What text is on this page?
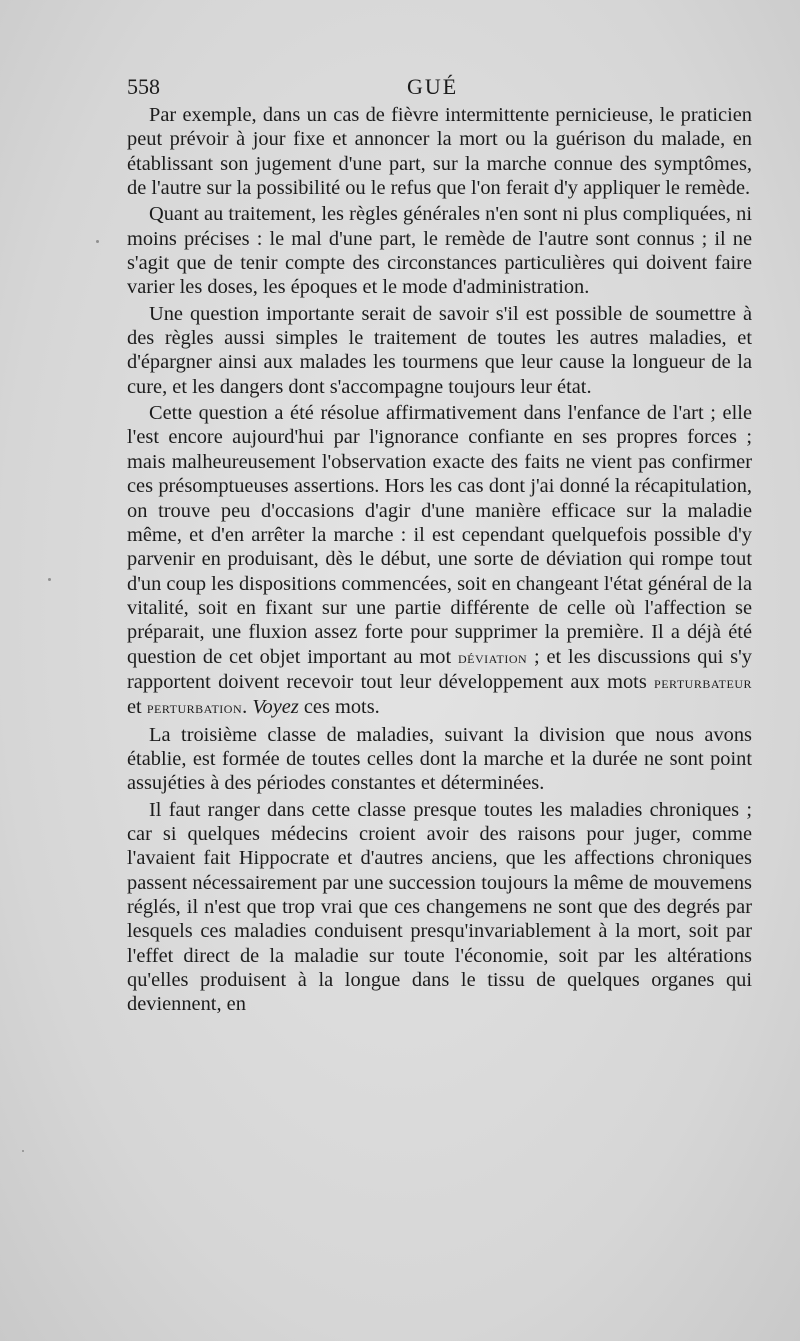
558	GUÉ

Par exemple, dans un cas de fièvre intermittente pernicieuse, le praticien peut prévoir à jour fixe et annoncer la mort ou la guérison du malade, en établissant son jugement d'une part, sur la marche connue des symptômes, de l'autre sur la possibilité ou le refus que l'on ferait d'y appliquer le remède.

Quant au traitement, les règles générales n'en sont ni plus compliquées, ni moins précises : le mal d'une part, le remède de l'autre sont connus ; il ne s'agit que de tenir compte des circonstances particulières qui doivent faire varier les doses, les époques et le mode d'administration.

Une question importante serait de savoir s'il est possible de soumettre à des règles aussi simples le traitement de toutes les autres maladies, et d'épargner ainsi aux malades les tourmens que leur cause la longueur de la cure, et les dangers dont s'accompagne toujours leur état.

Cette question a été résolue affirmativement dans l'enfance de l'art ; elle l'est encore aujourd'hui par l'ignorance confiante en ses propres forces ; mais malheureusement l'observation exacte des faits ne vient pas confirmer ces présomptueuses assertions. Hors les cas dont j'ai donné la récapitulation, on trouve peu d'occasions d'agir d'une manière efficace sur la maladie même, et d'en arrêter la marche : il est cependant quelquefois possible d'y parvenir en produisant, dès le début, une sorte de déviation qui rompe tout d'un coup les dispositions commencées, soit en changeant l'état général de la vitalité, soit en fixant sur une partie différente de celle où l'affection se préparait, une fluxion assez forte pour supprimer la première. Il a déjà été question de cet objet important au mot déviation ; et les discussions qui s'y rapportent doivent recevoir tout leur développement aux mots perturbateur et perturbation. Voyez ces mots.

La troisième classe de maladies, suivant la division que nous avons établie, est formée de toutes celles dont la marche et la durée ne sont point assujéties à des périodes constantes et déterminées.

Il faut ranger dans cette classe presque toutes les maladies chroniques ; car si quelques médecins croient avoir des raisons pour juger, comme l'avaient fait Hippocrate et d'autres anciens, que les affections chroniques passent nécessairement par une succession toujours la même de mouvemens réglés, il n'est que trop vrai que ces changemens ne sont que des degrés par lesquels ces maladies conduisent presqu'invariablement à la mort, soit par l'effet direct de la maladie sur toute l'économie, soit par les altérations qu'elles produisent à la longue dans le tissu de quelques organes qui deviennent, en
